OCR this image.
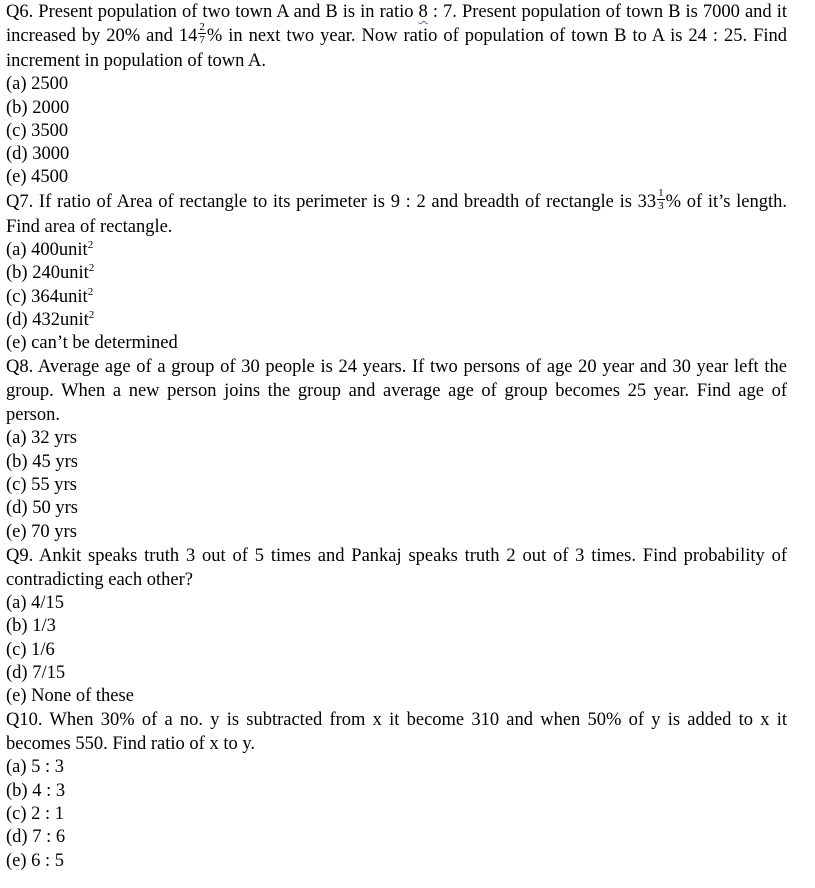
Q6. Present population of two town A and B is in ratio 8 : 7. Present population of town B is 7000 and it increased by 20% and $14 \frac{2}{7}$ % in next two year. Now ratio of population of town B to A is 24 : 25. Find increment in population of town A.

(a) 2500

(b) 2000

(c) 3500

(d) 3000

(e) 4500

Q7. If ratio of Area of rectangle to its perimeter is 9 : 2 and breadth of rectangle is $33 \frac{1}{3}$ % of it’s length. Find area of rectangle.

(a) 400unit$^2$

(b) 240unit$^2$

(c) 364unit$^2$

(d) 432unit$^2$

(e) can’t be determined

Q8. Average age of a group of 30 people is 24 years. If two persons of age 20 year and 30 year left the group. When a new person joins the group and average age of group becomes 25 year. Find age of person.

(a) 32 yrs

(b) 45 yrs

(c) 55 yrs

(d) 50 yrs

(e) 70 yrs

Q9. Ankit speaks truth 3 out of 5 times and Pankaj speaks truth 2 out of 3 times. Find probability of contradicting each other?

(a) 4/15

(b) 1/3

(c) 1/6

(d) 7/15

(e) None of these

Q10. When 30% of a no. y is subtracted from x it become 310 and when 50% of y is added to x it becomes 550. Find ratio of x to y.

(a) 5 : 3

(b) 4 : 3

(c) 2 : 1

(d) 7 : 6

(e) 6 : 5
